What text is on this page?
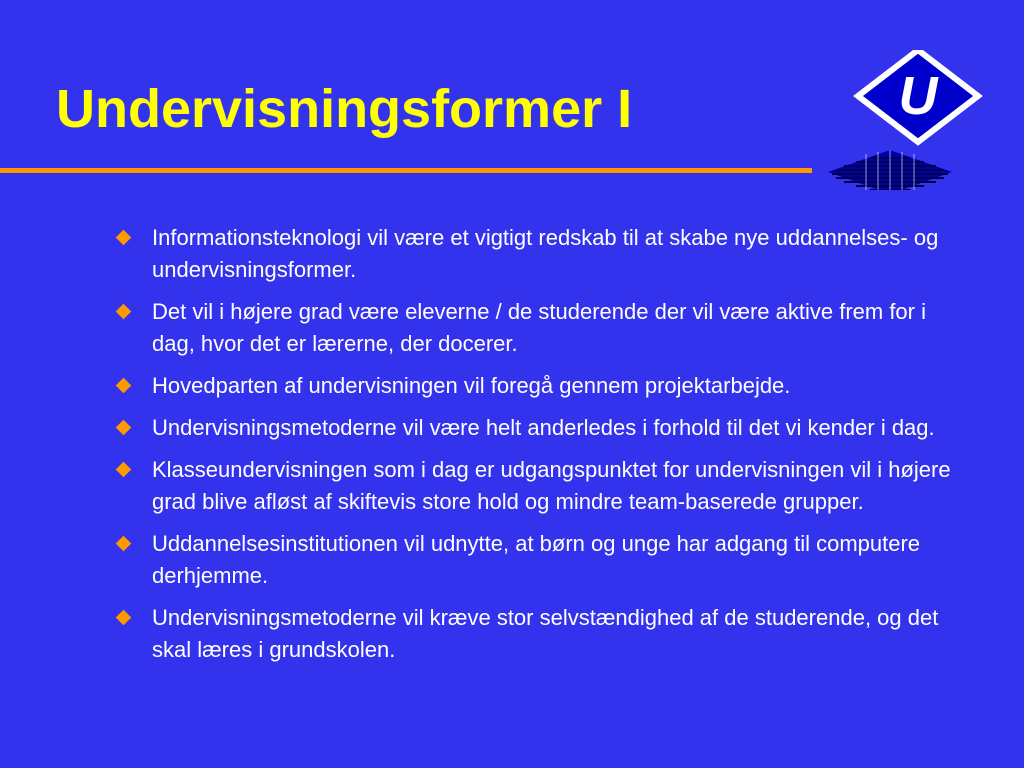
Undervisningsformer I	U
Informationsteknologi vil være et vigtigt redskab til at skabe nye uddannelses- og undervisningsformer.
Det vil i højere grad være eleverne / de studerende der vil være aktive frem for i dag, hvor det er lærerne, der docerer.
Hovedparten af undervisningen vil foregå gennem projektarbejde.
Undervisningsmetoderne vil være helt anderledes i forhold til det vi kender i dag.
Klasseundervisningen som i dag er udgangspunktet for undervisningen vil i højere grad blive afløst af skiftevis store hold og mindre team-baserede grupper.
Uddannelsesinstitutionen vil udnytte, at børn og unge har adgang til computere derhjemme.
Undervisningsmetoderne vil kræve stor selvstændighed af de studerende, og det skal læres i grundskolen.
